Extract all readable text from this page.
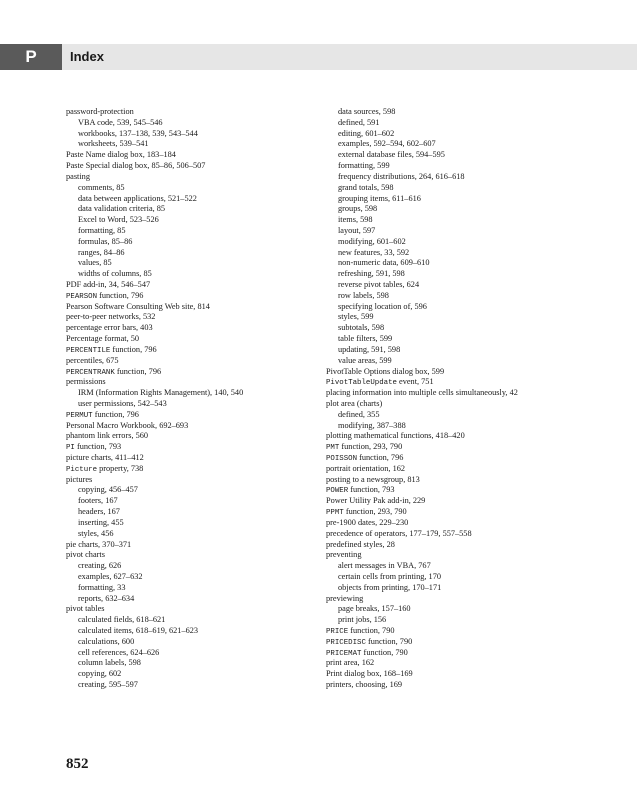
P	Index
password-protection
VBA code, 539, 545–546
workbooks, 137–138, 539, 543–544
worksheets, 539–541
Paste Name dialog box, 183–184
Paste Special dialog box, 85–86, 506–507
pasting
comments, 85
data between applications, 521–522
data validation criteria, 85
Excel to Word, 523–526
formatting, 85
formulas, 85–86
ranges, 84–86
values, 85
widths of columns, 85
PDF add-in, 34, 546–547
PEARSON function, 796
Pearson Software Consulting Web site, 814
peer-to-peer networks, 532
percentage error bars, 403
Percentage format, 50
PERCENTILE function, 796
percentiles, 675
PERCENTRANK function, 796
permissions
IRM (Information Rights Management), 140, 540
user permissions, 542–543
PERMUT function, 796
Personal Macro Workbook, 692–693
phantom link errors, 560
PI function, 793
picture charts, 411–412
Picture property, 738
pictures
copying, 456–457
footers, 167
headers, 167
inserting, 455
styles, 456
pie charts, 370–371
pivot charts
creating, 626
examples, 627–632
formatting, 33
reports, 632–634
pivot tables
calculated fields, 618–621
calculated items, 618–619, 621–623
calculations, 600
cell references, 624–626
column labels, 598
copying, 602
creating, 595–597
data sources, 598
defined, 591
editing, 601–602
examples, 592–594, 602–607
external database files, 594–595
formatting, 599
frequency distributions, 264, 616–618
grand totals, 598
grouping items, 611–616
groups, 598
items, 598
layout, 597
modifying, 601–602
new features, 33, 592
non-numeric data, 609–610
refreshing, 591, 598
reverse pivot tables, 624
row labels, 598
specifying location of, 596
styles, 599
subtotals, 598
table filters, 599
updating, 591, 598
value areas, 599
PivotTable Options dialog box, 599
PivotTableUpdate event, 751
placing information into multiple cells simultaneously, 42
plot area (charts)
defined, 355
modifying, 387–388
plotting mathematical functions, 418–420
PMT function, 293, 790
POISSON function, 796
portrait orientation, 162
posting to a newsgroup, 813
POWER function, 793
Power Utility Pak add-in, 229
PPMT function, 293, 790
pre-1900 dates, 229–230
precedence of operators, 177–179, 557–558
predefined styles, 28
preventing
alert messages in VBA, 767
certain cells from printing, 170
objects from printing, 170–171
previewing
page breaks, 157–160
print jobs, 156
PRICE function, 790
PRICEDISC function, 790
PRICEMAT function, 790
print area, 162
Print dialog box, 168–169
printers, choosing, 169
852
